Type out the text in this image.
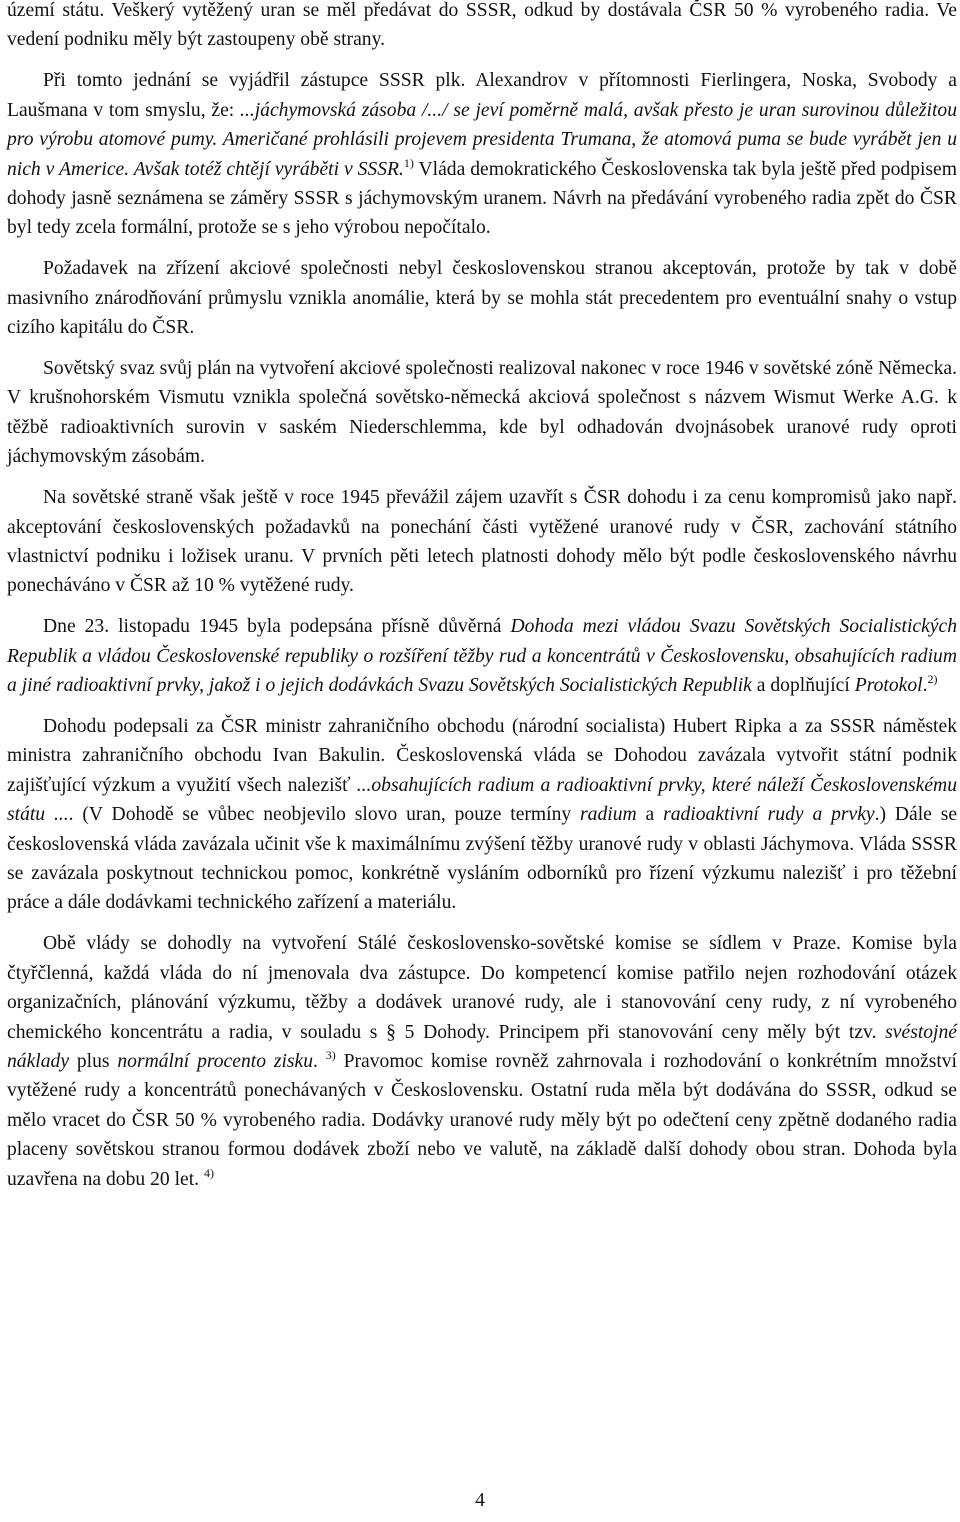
území státu. Veškerý vytěžený uran se měl předávat do SSSR, odkud by dostávala ČSR 50 % vyrobeného radia. Ve vedení podniku měly být zastoupeny obě strany.

Při tomto jednání se vyjádřil zástupce SSSR plk. Alexandrov v přítomnosti Fierlingera, Noska, Svobody a Laušmana v tom smyslu, že: ...jáchymovská zásoba /.../ se jeví poměrně malá, avšak přesto je uran surovinou důležitou pro výrobu atomové pumy. Američané prohlásili projevem presidenta Trumana, že atomová puma se bude vyrábět jen u nich v Americe. Avšak totéž chtějí vyráběti v SSSR.$^{1)}$ Vláda demokratického Československa tak byla ještě před podpisem dohody jasně seznámena se záměry SSSR s jáchymovským uranem. Návrh na předávání vyrobeného radia zpět do ČSR byl tedy zcela formální, protože se s jeho výrobou nepočítalo.

Požadavek na zřízení akciové společnosti nebyl československou stranou akceptován, protože by tak v době masivního znárodňování průmyslu vznikla anomálie, která by se mohla stát precedentem pro eventuální snahy o vstup cizího kapitálu do ČSR.

Sovětský svaz svůj plán na vytvoření akciové společnosti realizoval nakonec v roce 1946 v sovětské zóně Německa. V krušnohorském Vismutu vznikla společná sovětsko-německá akciová společnost s názvem Wismut Werke A.G. k těžbě radioaktivních surovin v saském Niederschlemma, kde byl odhadován dvojnásobek uranové rudy oproti jáchymovským zásobám.

Na sovětské straně však ještě v roce 1945 převážil zájem uzavřít s ČSR dohodu i za cenu kompromisů jako např. akceptování československých požadavků na ponechání části vytěžené uranové rudy v ČSR, zachování státního vlastnictví podniku i ložisek uranu. V prvních pěti letech platnosti dohody mělo být podle československého návrhu ponecháváno v ČSR až 10 % vytěžené rudy.

Dne 23. listopadu 1945 byla podepsána přísně důvěrná Dohoda mezi vládou Svazu Sovětských Socialistických Republik a vládou Československé republiky o rozšíření těžby rud a koncentrátů v Československu, obsahujících radium a jiné radioaktivní prvky, jakož i o jejich dodávkách Svazu Sovětských Socialistických Republik a doplňující Protokol.$^{2)}$

Dohodu podepsali za ČSR ministr zahraničního obchodu (národní socialista) Hubert Ripka a za SSSR náměstek ministra zahraničního obchodu Ivan Bakulin. Československá vláda se Dohodou zavázala vytvořit státní podnik zajišťující výzkum a využití všech nalezišť ...obsahujících radium a radioaktivní prvky, které náleží Československému státu .... (V Dohodě se vůbec neobjevilo slovo uran, pouze termíny radium a radioaktivní rudy a prvky.) Dále se československá vláda zavázala učinit vše k maximálnímu zvýšení těžby uranové rudy v oblasti Jáchymova. Vláda SSSR se zavázala poskytnout technickou pomoc, konkrétně vysláním odborníků pro řízení výzkumu nalezišť i pro těžební práce a dále dodávkami technického zařízení a materiálu.

Obě vlády se dohodly na vytvoření Stálé československo-sovětské komise se sídlem v Praze. Komise byla čtyřčlenná, každá vláda do ní jmenovala dva zástupce. Do kompetencí komise patřilo nejen rozhodování otázek organizačních, plánování výzkumu, těžby a dodávek uranové rudy, ale i stanovování ceny rudy, z ní vyrobeného chemického koncentrátu a radia, v souladu s § 5 Dohody. Principem při stanovování ceny měly být tzv. svéstojné náklady plus normální procento zisku. $^{3)}$ Pravomoc komise rovněž zahrnovala i rozhodování o konkrétním množství vytěžené rudy a koncentrátů ponechávaných v Československu. Ostatní ruda měla být dodávána do SSSR, odkud se mělo vracet do ČSR 50 % vyrobeného radia. Dodávky uranové rudy měly být po odečtení ceny zpětně dodaného radia placeny sovětskou stranou formou dodávek zboží nebo ve valutě, na základě další dohody obou stran. Dohoda byla uzavřena na dobu 20 let. $^{4)}$

4
